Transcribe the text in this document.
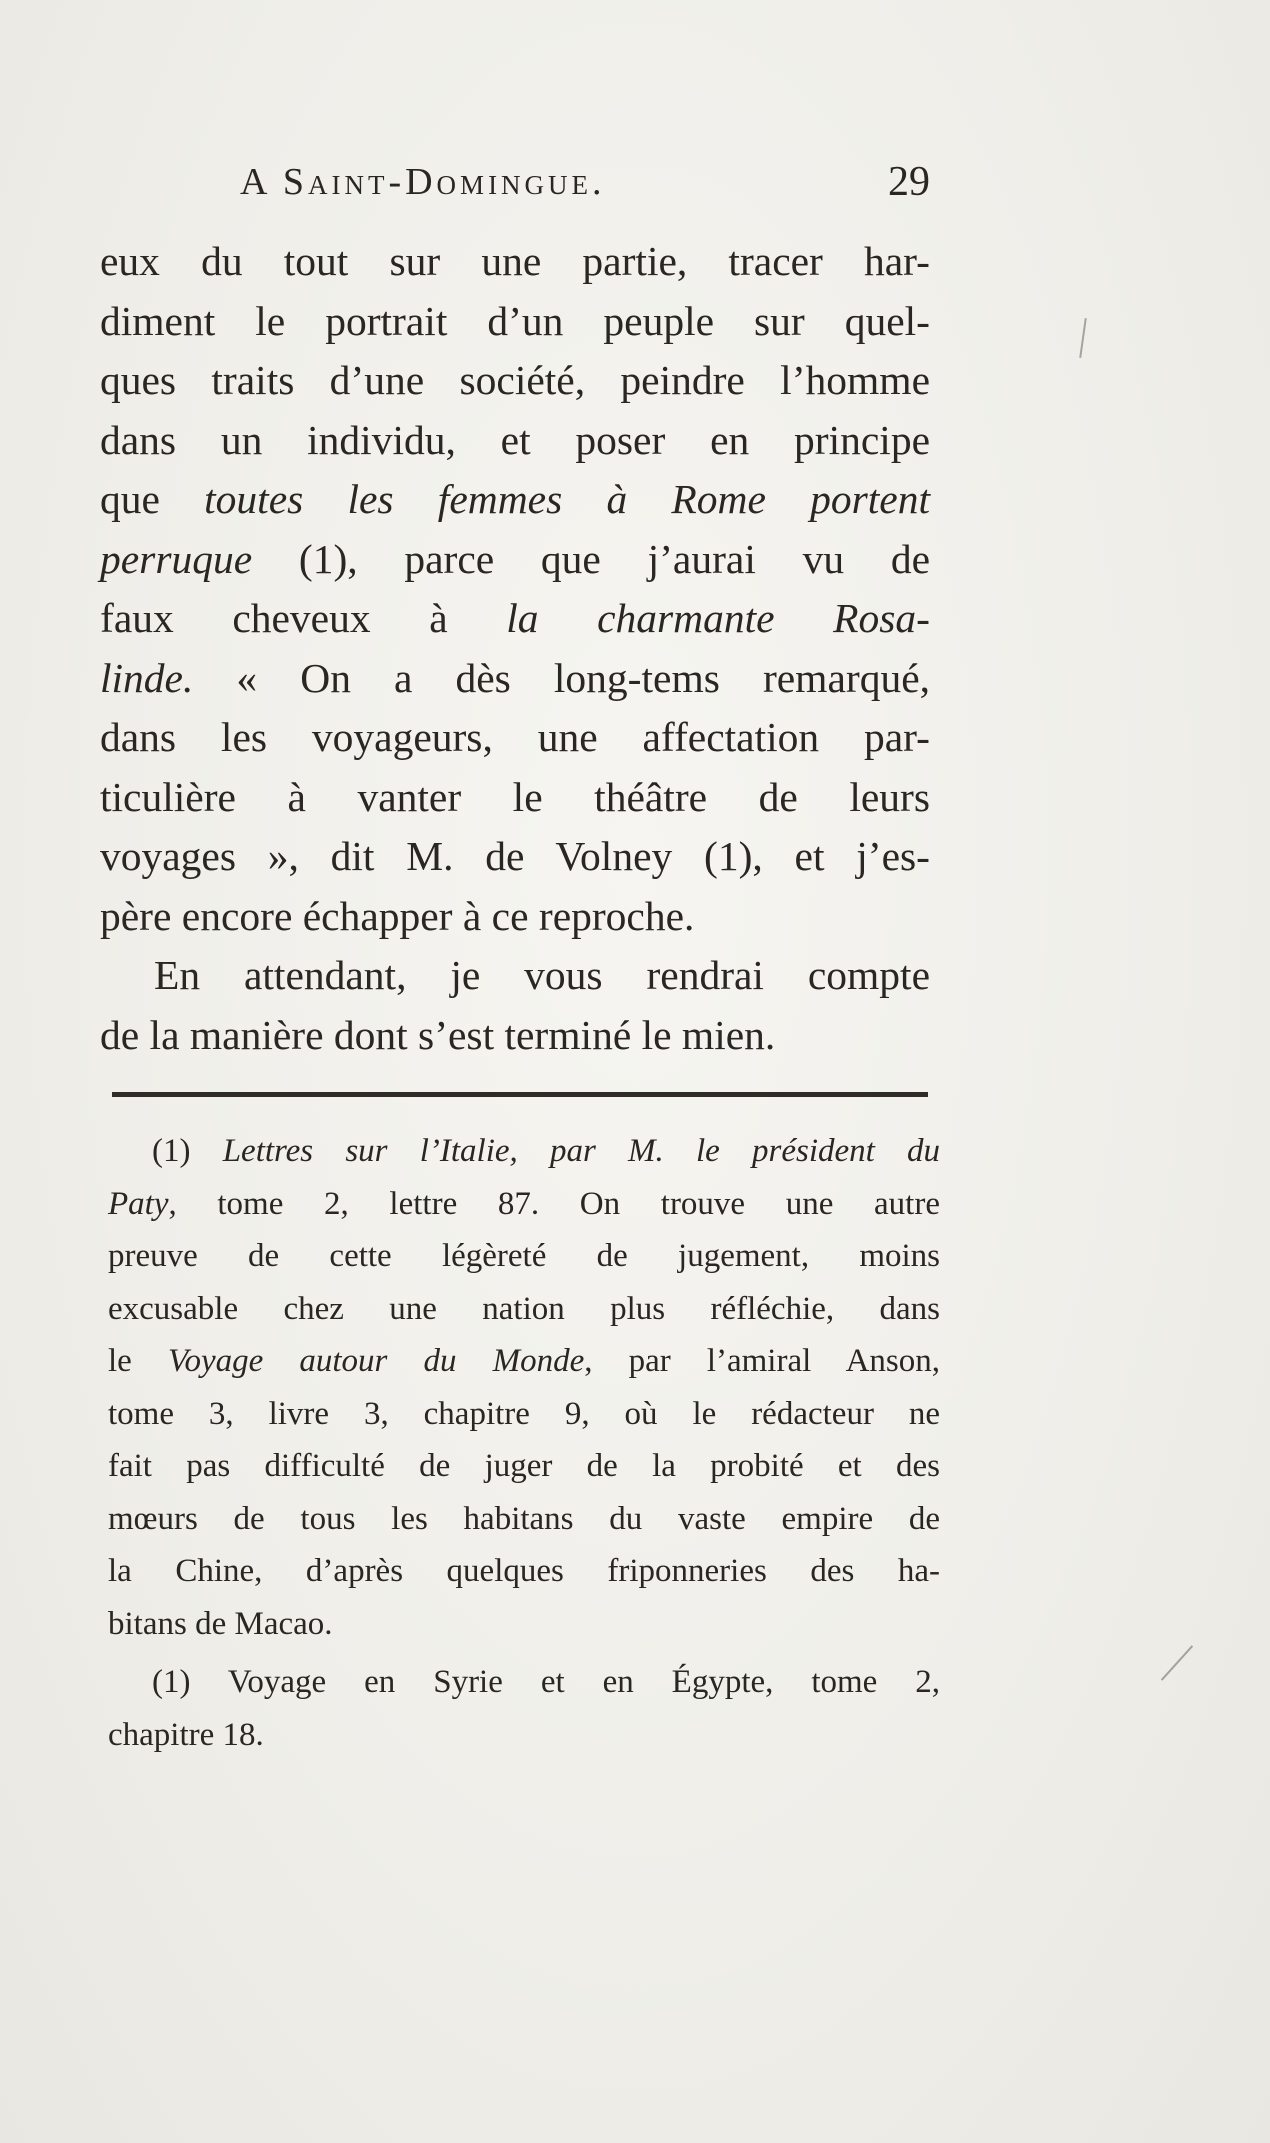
A Saint-Domingue.	29
eux du tout sur une partie, tracer har-
diment le portrait d’un peuple sur quel-
ques traits d’une société, peindre l’homme
dans un individu, et poser en principe
que toutes les femmes à Rome portent
perruque (1), parce que j’aurai vu de
faux cheveux à la charmante Rosa-
linde. « On a dès long-tems remarqué,
dans les voyageurs, une affectation par-
ticulière à vanter le théâtre de leurs
voyages », dit M. de Volney (1), et j’es-
père encore échapper à ce reproche.
En attendant, je vous rendrai compte
de la manière dont s’est terminé le mien.
(1) Lettres sur l’Italie, par M. le président du
Paty, tome 2, lettre 87. On trouve une autre
preuve de cette légèreté de jugement, moins
excusable chez une nation plus réfléchie, dans
le Voyage autour du Monde, par l’amiral Anson,
tome 3, livre 3, chapitre 9, où le rédacteur ne
fait pas difficulté de juger de la probité et des
mœurs de tous les habitans du vaste empire de
la Chine, d’après quelques friponneries des ha-
bitans de Macao.
(1) Voyage en Syrie et en Égypte, tome 2,
chapitre 18.
